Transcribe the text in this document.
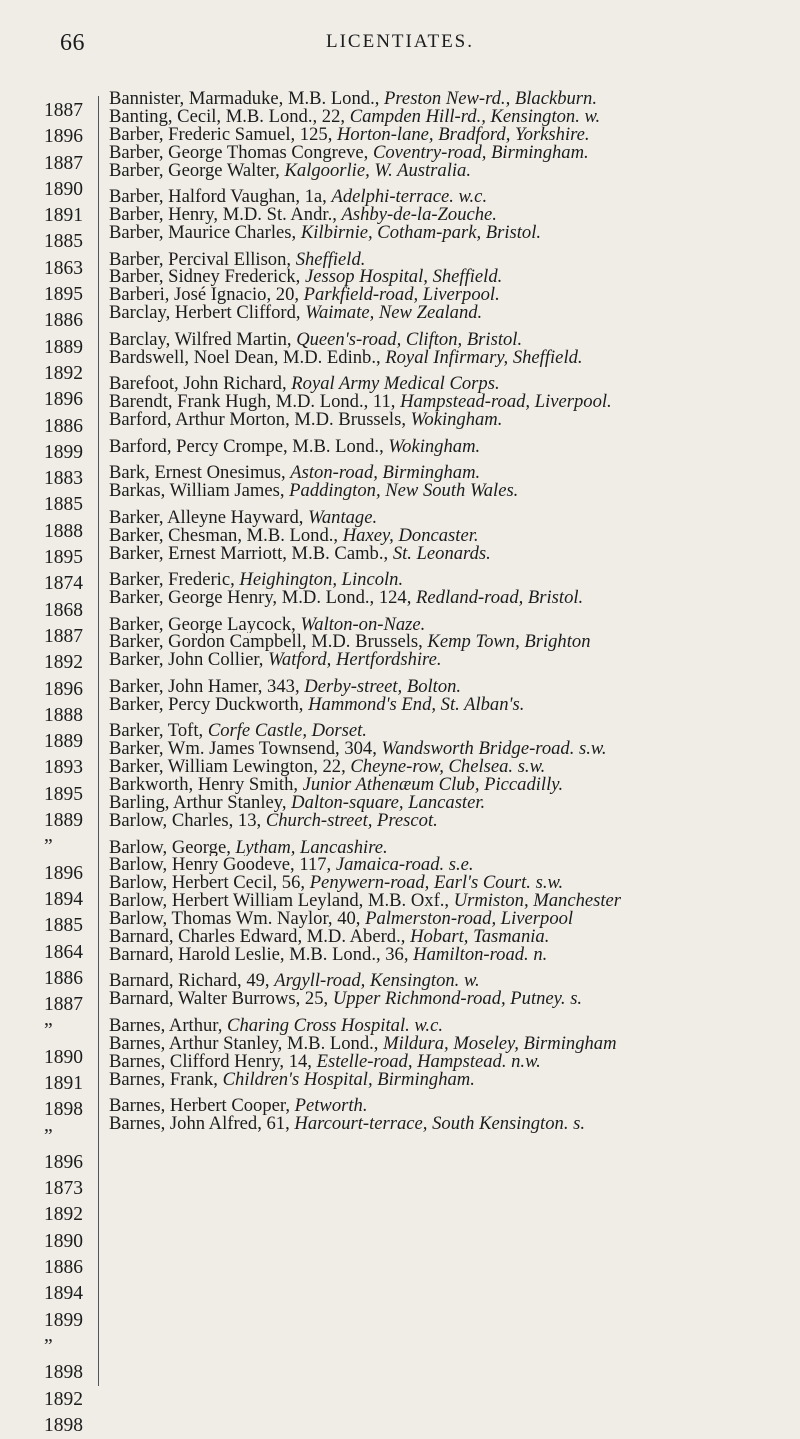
66	LICENTIATES.
1887
1896
1887
1890
1891
1885
1863
1895
1886
1889
1892
1896
1886
1899
1883
1885
1888
1895
1874
1868
1887
1892
1896
1888
1889
1893
1895
1889
”
1896
1894
1885
1864
1886
1887
”
1890
1891
1898
”
1896
1873
1892
1890
1886
1894
1899
”
1898
1892
1898
Bannister, Marmaduke, M.B. Lond., Preston New-rd., Blackburn.
Banting, Cecil, M.B. Lond., 22, Campden Hill-rd., Kensington. w.
Barber, Frederic Samuel, 125, Horton-lane, Bradford, Yorkshire.
Barber, George Thomas Congreve, Coventry-road, Birmingham.
Barber, George Walter, Kalgoorlie, W. Australia.
Barber, Halford Vaughan, 1a, Adelphi-terrace. w.c.
Barber, Henry, M.D. St. Andr., Ashby-de-la-Zouche.
Barber, Maurice Charles, Kilbirnie, Cotham-park, Bristol.
Barber, Percival Ellison, Sheffield.
Barber, Sidney Frederick, Jessop Hospital, Sheffield.
Barberi, José Ignacio, 20, Parkfield-road, Liverpool.
Barclay, Herbert Clifford, Waimate, New Zealand.
Barclay, Wilfred Martin, Queen's-road, Clifton, Bristol.
Bardswell, Noel Dean, M.D. Edinb., Royal Infirmary, Sheffield.
Barefoot, John Richard, Royal Army Medical Corps.
Barendt, Frank Hugh, M.D. Lond., 11, Hampstead-road, Liverpool.
Barford, Arthur Morton, M.D. Brussels, Wokingham.
Barford, Percy Crompe, M.B. Lond., Wokingham.
Bark, Ernest Onesimus, Aston-road, Birmingham.
Barkas, William James, Paddington, New South Wales.
Barker, Alleyne Hayward, Wantage.
Barker, Chesman, M.B. Lond., Haxey, Doncaster.
Barker, Ernest Marriott, M.B. Camb., St. Leonards.
Barker, Frederic, Heighington, Lincoln.
Barker, George Henry, M.D. Lond., 124, Redland-road, Bristol.
Barker, George Laycock, Walton-on-Naze.
Barker, Gordon Campbell, M.D. Brussels, Kemp Town, Brighton
Barker, John Collier, Watford, Hertfordshire.
Barker, John Hamer, 343, Derby-street, Bolton.
Barker, Percy Duckworth, Hammond's End, St. Alban's.
Barker, Toft, Corfe Castle, Dorset.
Barker, Wm. James Townsend, 304, Wandsworth Bridge-road. s.w.
Barker, William Lewington, 22, Cheyne-row, Chelsea. s.w.
Barkworth, Henry Smith, Junior Athenæum Club, Piccadilly.
Barling, Arthur Stanley, Dalton-square, Lancaster.
Barlow, Charles, 13, Church-street, Prescot.
Barlow, George, Lytham, Lancashire.
Barlow, Henry Goodeve, 117, Jamaica-road. s.e.
Barlow, Herbert Cecil, 56, Penywern-road, Earl's Court. s.w.
Barlow, Herbert William Leyland, M.B. Oxf., Urmiston, Manchester
Barlow, Thomas Wm. Naylor, 40, Palmerston-road, Liverpool
Barnard, Charles Edward, M.D. Aberd., Hobart, Tasmania.
Barnard, Harold Leslie, M.B. Lond., 36, Hamilton-road. n.
Barnard, Richard, 49, Argyll-road, Kensington. w.
Barnard, Walter Burrows, 25, Upper Richmond-road, Putney. s.
Barnes, Arthur, Charing Cross Hospital. w.c.
Barnes, Arthur Stanley, M.B. Lond., Mildura, Moseley, Birmingham
Barnes, Clifford Henry, 14, Estelle-road, Hampstead. n.w.
Barnes, Frank, Children's Hospital, Birmingham.
Barnes, Herbert Cooper, Petworth.
Barnes, John Alfred, 61, Harcourt-terrace, South Kensington. s.
